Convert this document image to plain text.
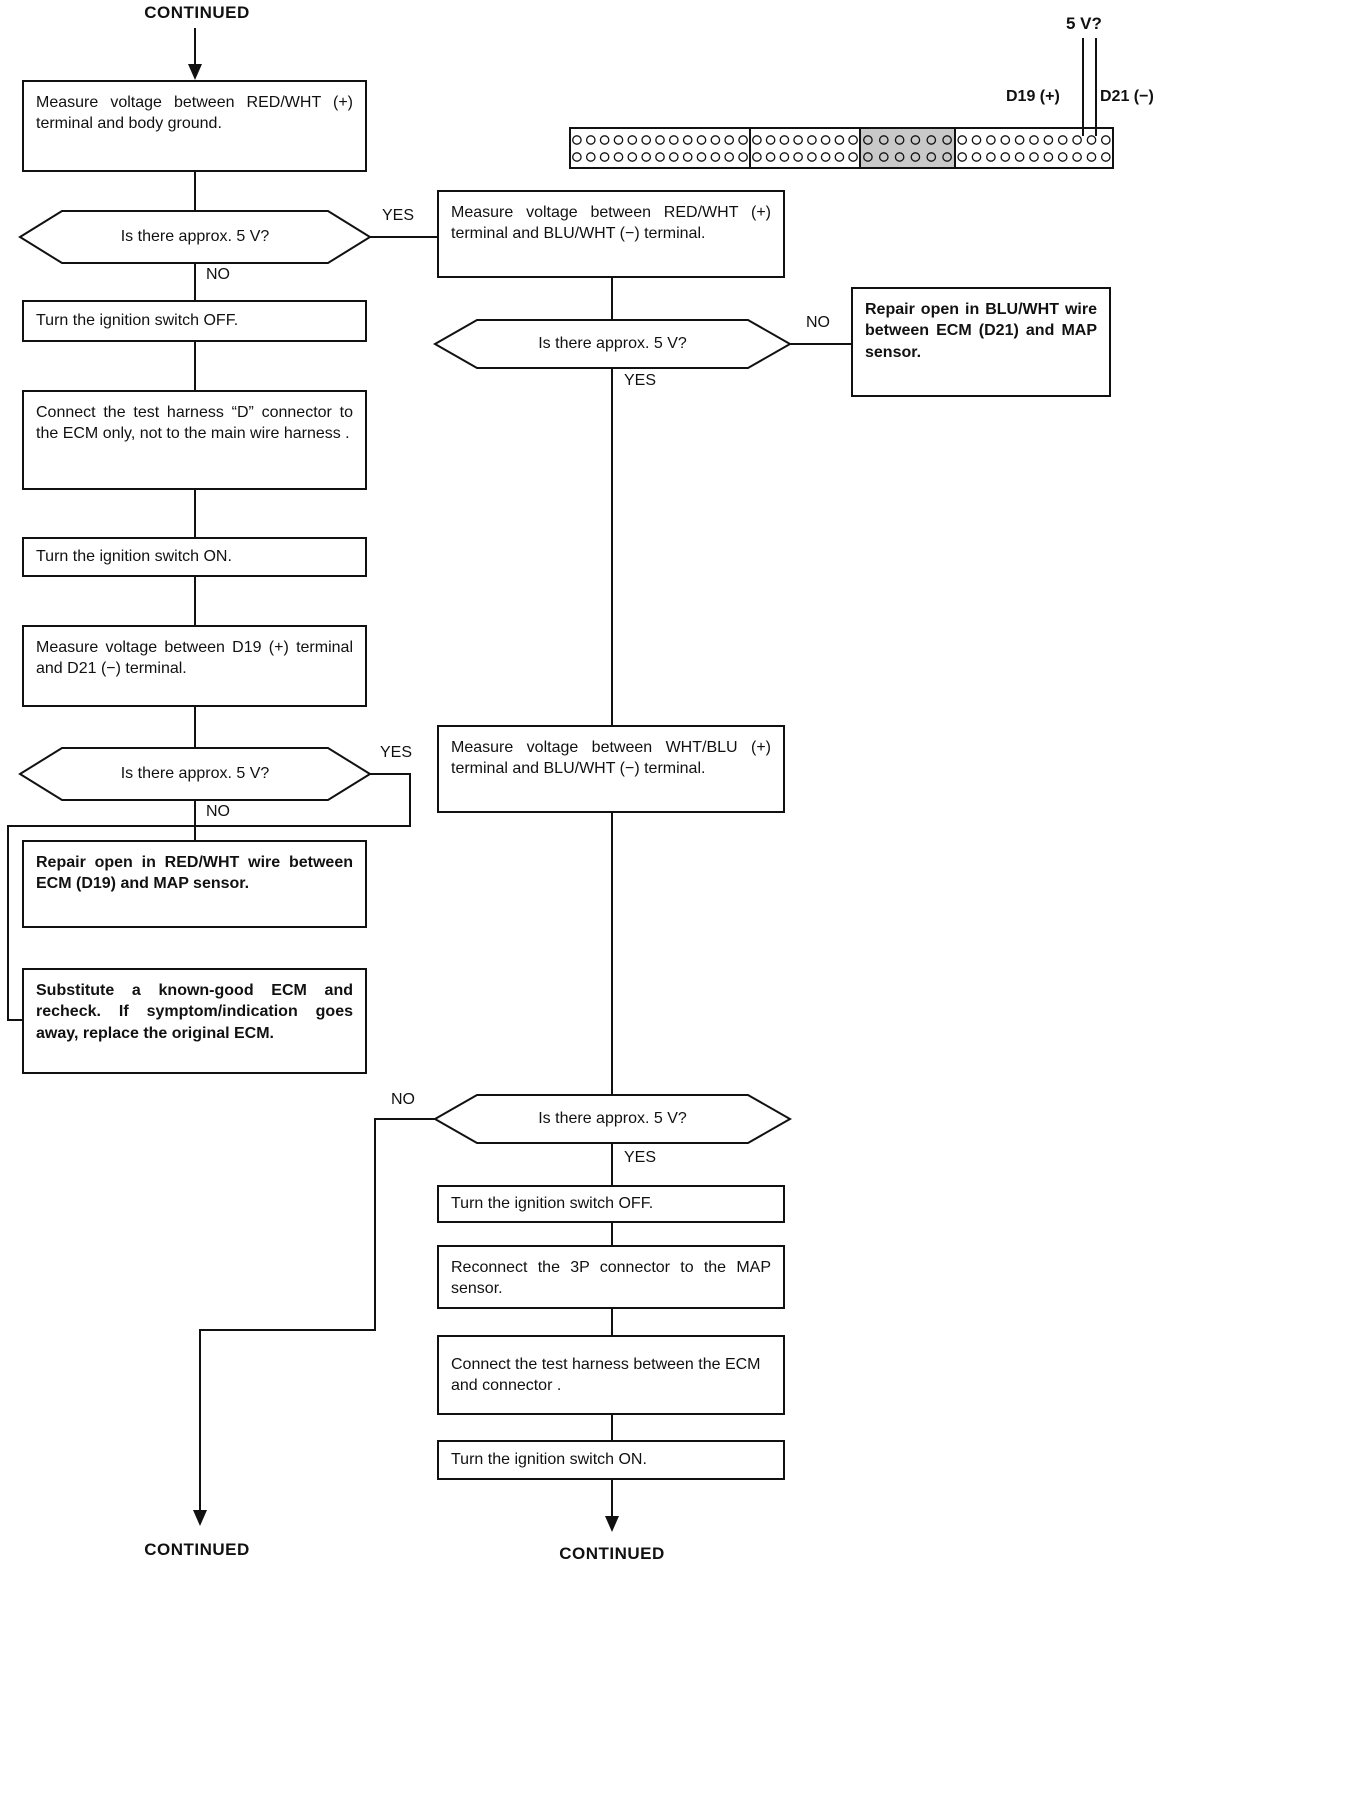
CONTINUED
CONTINUED	CONTINUED
5 V?
D19 (+)	D21 (−)
Measure voltage between RED/WHT (+) terminal and body ground.
Is there approx. 5 V?
YES
NO
Turn the ignition switch OFF.
Connect the test harness “D” connector to the ECM only, not to the main wire harness .
Turn the ignition switch ON.
Measure voltage between D19 (+) terminal and D21 (−) terminal.
Is there approx. 5 V?
YES
NO
Repair open in RED/WHT wire between ECM (D19) and MAP sensor.
Substitute a known-good ECM and recheck. If symptom/indication goes away, replace the original ECM.
Measure voltage between RED/WHT (+) terminal and BLU/WHT (−) terminal.
Is there approx. 5 V?
NO
YES
Repair open in BLU/WHT wire between ECM (D21) and MAP sensor.
Measure voltage between WHT/BLU (+) terminal and BLU/WHT (−) terminal.
Is there approx. 5 V?
NO
YES
Turn the ignition switch OFF.
Reconnect the 3P connector to the MAP sensor.
Connect the test harness between the ECM and connector .
Turn the ignition switch ON.
